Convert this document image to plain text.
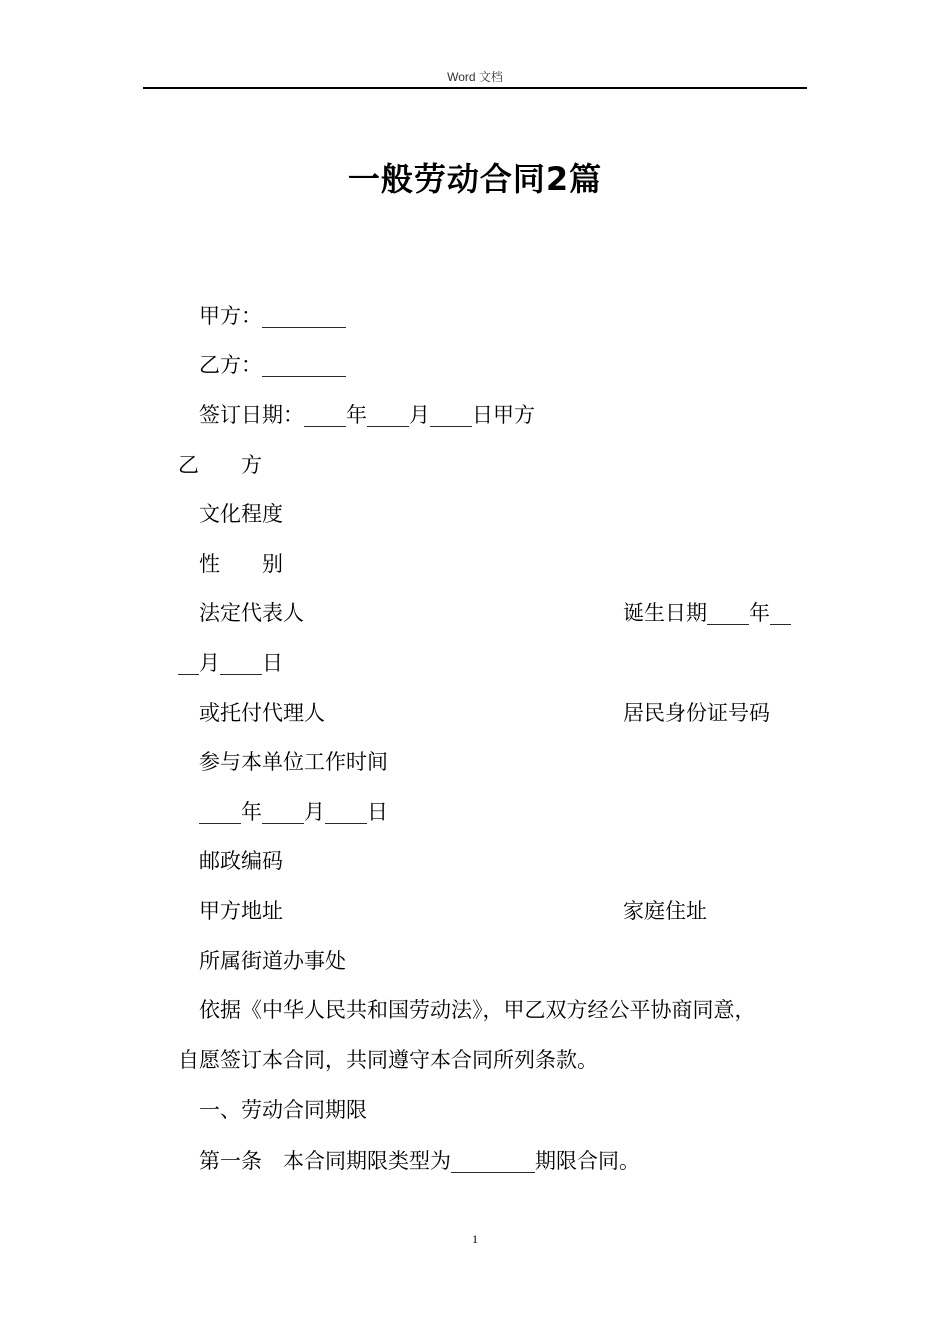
Word 文档
一般劳动合同2篇
甲方：________
乙方：________
签订日期：____年____月____日甲方
乙　　方
文化程度
性　　别
法定代表人	诞生日期____年__
__月____日
或托付代理人	居民身份证号码
参与本单位工作时间
____年____月____日
邮政编码
甲方地址	家庭住址
所属街道办事处
依据《中华人民共和国劳动法》，甲乙双方经公平协商同意，
自愿签订本合同，共同遵守本合同所列条款。
一、劳动合同期限
第一条　本合同期限类型为________期限合同。
1
